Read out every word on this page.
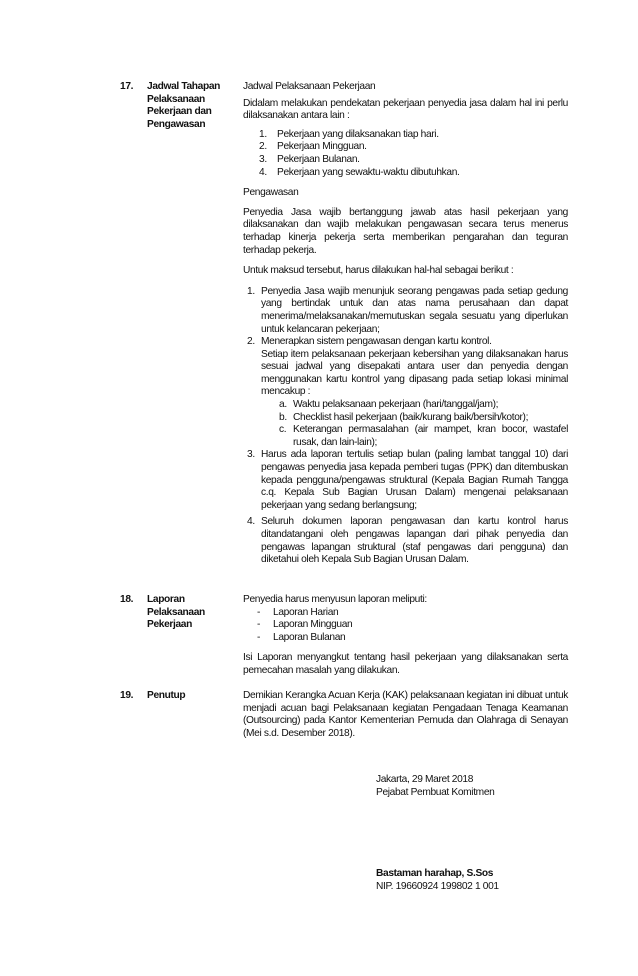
17. Jadwal Tahapan
Pelaksanaan
Pekerjaan dan
Pengawasan

Jadwal Pelaksanaan Pekerjaan

Didalam melakukan pendekatan pekerjaan penyedia jasa dalam hal ini perlu dilaksanakan antara lain :

1. Pekerjaan yang dilaksanakan tiap hari.
2. Pekerjaan Mingguan.
3. Pekerjaan Bulanan.
4. Pekerjaan yang sewaktu-waktu dibutuhkan.

Pengawasan

Penyedia Jasa wajib bertanggung jawab atas hasil pekerjaan yang dilaksanakan dan wajib melakukan pengawasan secara terus menerus terhadap kinerja pekerja serta memberikan pengarahan dan teguran terhadap pekerja.

Untuk maksud tersebut, harus dilakukan hal-hal sebagai berikut :

1. Penyedia Jasa wajib menunjuk seorang pengawas pada setiap gedung yang bertindak untuk dan atas nama perusahaan dan dapat menerima/melaksanakan/memutuskan segala sesuatu yang diperlukan untuk kelancaran pekerjaan;
2. Menerapkan sistem pengawasan dengan kartu kontrol.
Setiap item pelaksanaan pekerjaan kebersihan yang dilaksanakan harus sesuai jadwal yang disepakati antara user dan penyedia dengan menggunakan kartu kontrol yang dipasang pada setiap lokasi minimal mencakup :
a. Waktu pelaksanaan pekerjaan (hari/tanggal/jam);
b. Checklist hasil pekerjaan (baik/kurang baik/bersih/kotor);
c. Keterangan permasalahan (air mampet, kran bocor, wastafel rusak, dan lain-lain);
3. Harus ada laporan tertulis setiap bulan (paling lambat tanggal 10) dari pengawas penyedia jasa kepada pemberi tugas (PPK) dan ditembuskan kepada pengguna/pengawas struktural (Kepala Bagian Rumah Tangga c.q. Kepala Sub Bagian Urusan Dalam) mengenai pelaksanaan pekerjaan yang sedang berlangsung;
4. Seluruh dokumen laporan pengawasan dan kartu kontrol harus ditandatangani oleh pengawas lapangan dari pihak penyedia dan pengawas lapangan struktural (staf pengawas dari pengguna) dan diketahui oleh Kepala Sub Bagian Urusan Dalam.
18. Laporan
Pelaksanaan
Pekerjaan

Penyedia harus menyusun laporan meliputi:

- Laporan Harian
- Laporan Mingguan
- Laporan Bulanan

Isi Laporan menyangkut tentang hasil pekerjaan yang dilaksanakan serta pemecahan masalah yang dilakukan.

19. Penutup	Demikian Kerangka Acuan Kerja (KAK) pelaksanaan kegiatan ini dibuat untuk menjadi acuan bagi Pelaksanaan kegiatan Pengadaan Tenaga Keamanan (Outsourcing) pada Kantor Kementerian Pemuda dan Olahraga di Senayan (Mei s.d. Desember 2018).

Jakarta, 29 Maret 2018
Pejabat Pembuat Komitmen
Bastaman harahap, S.Sos
NIP. 19660924 199802 1 001
